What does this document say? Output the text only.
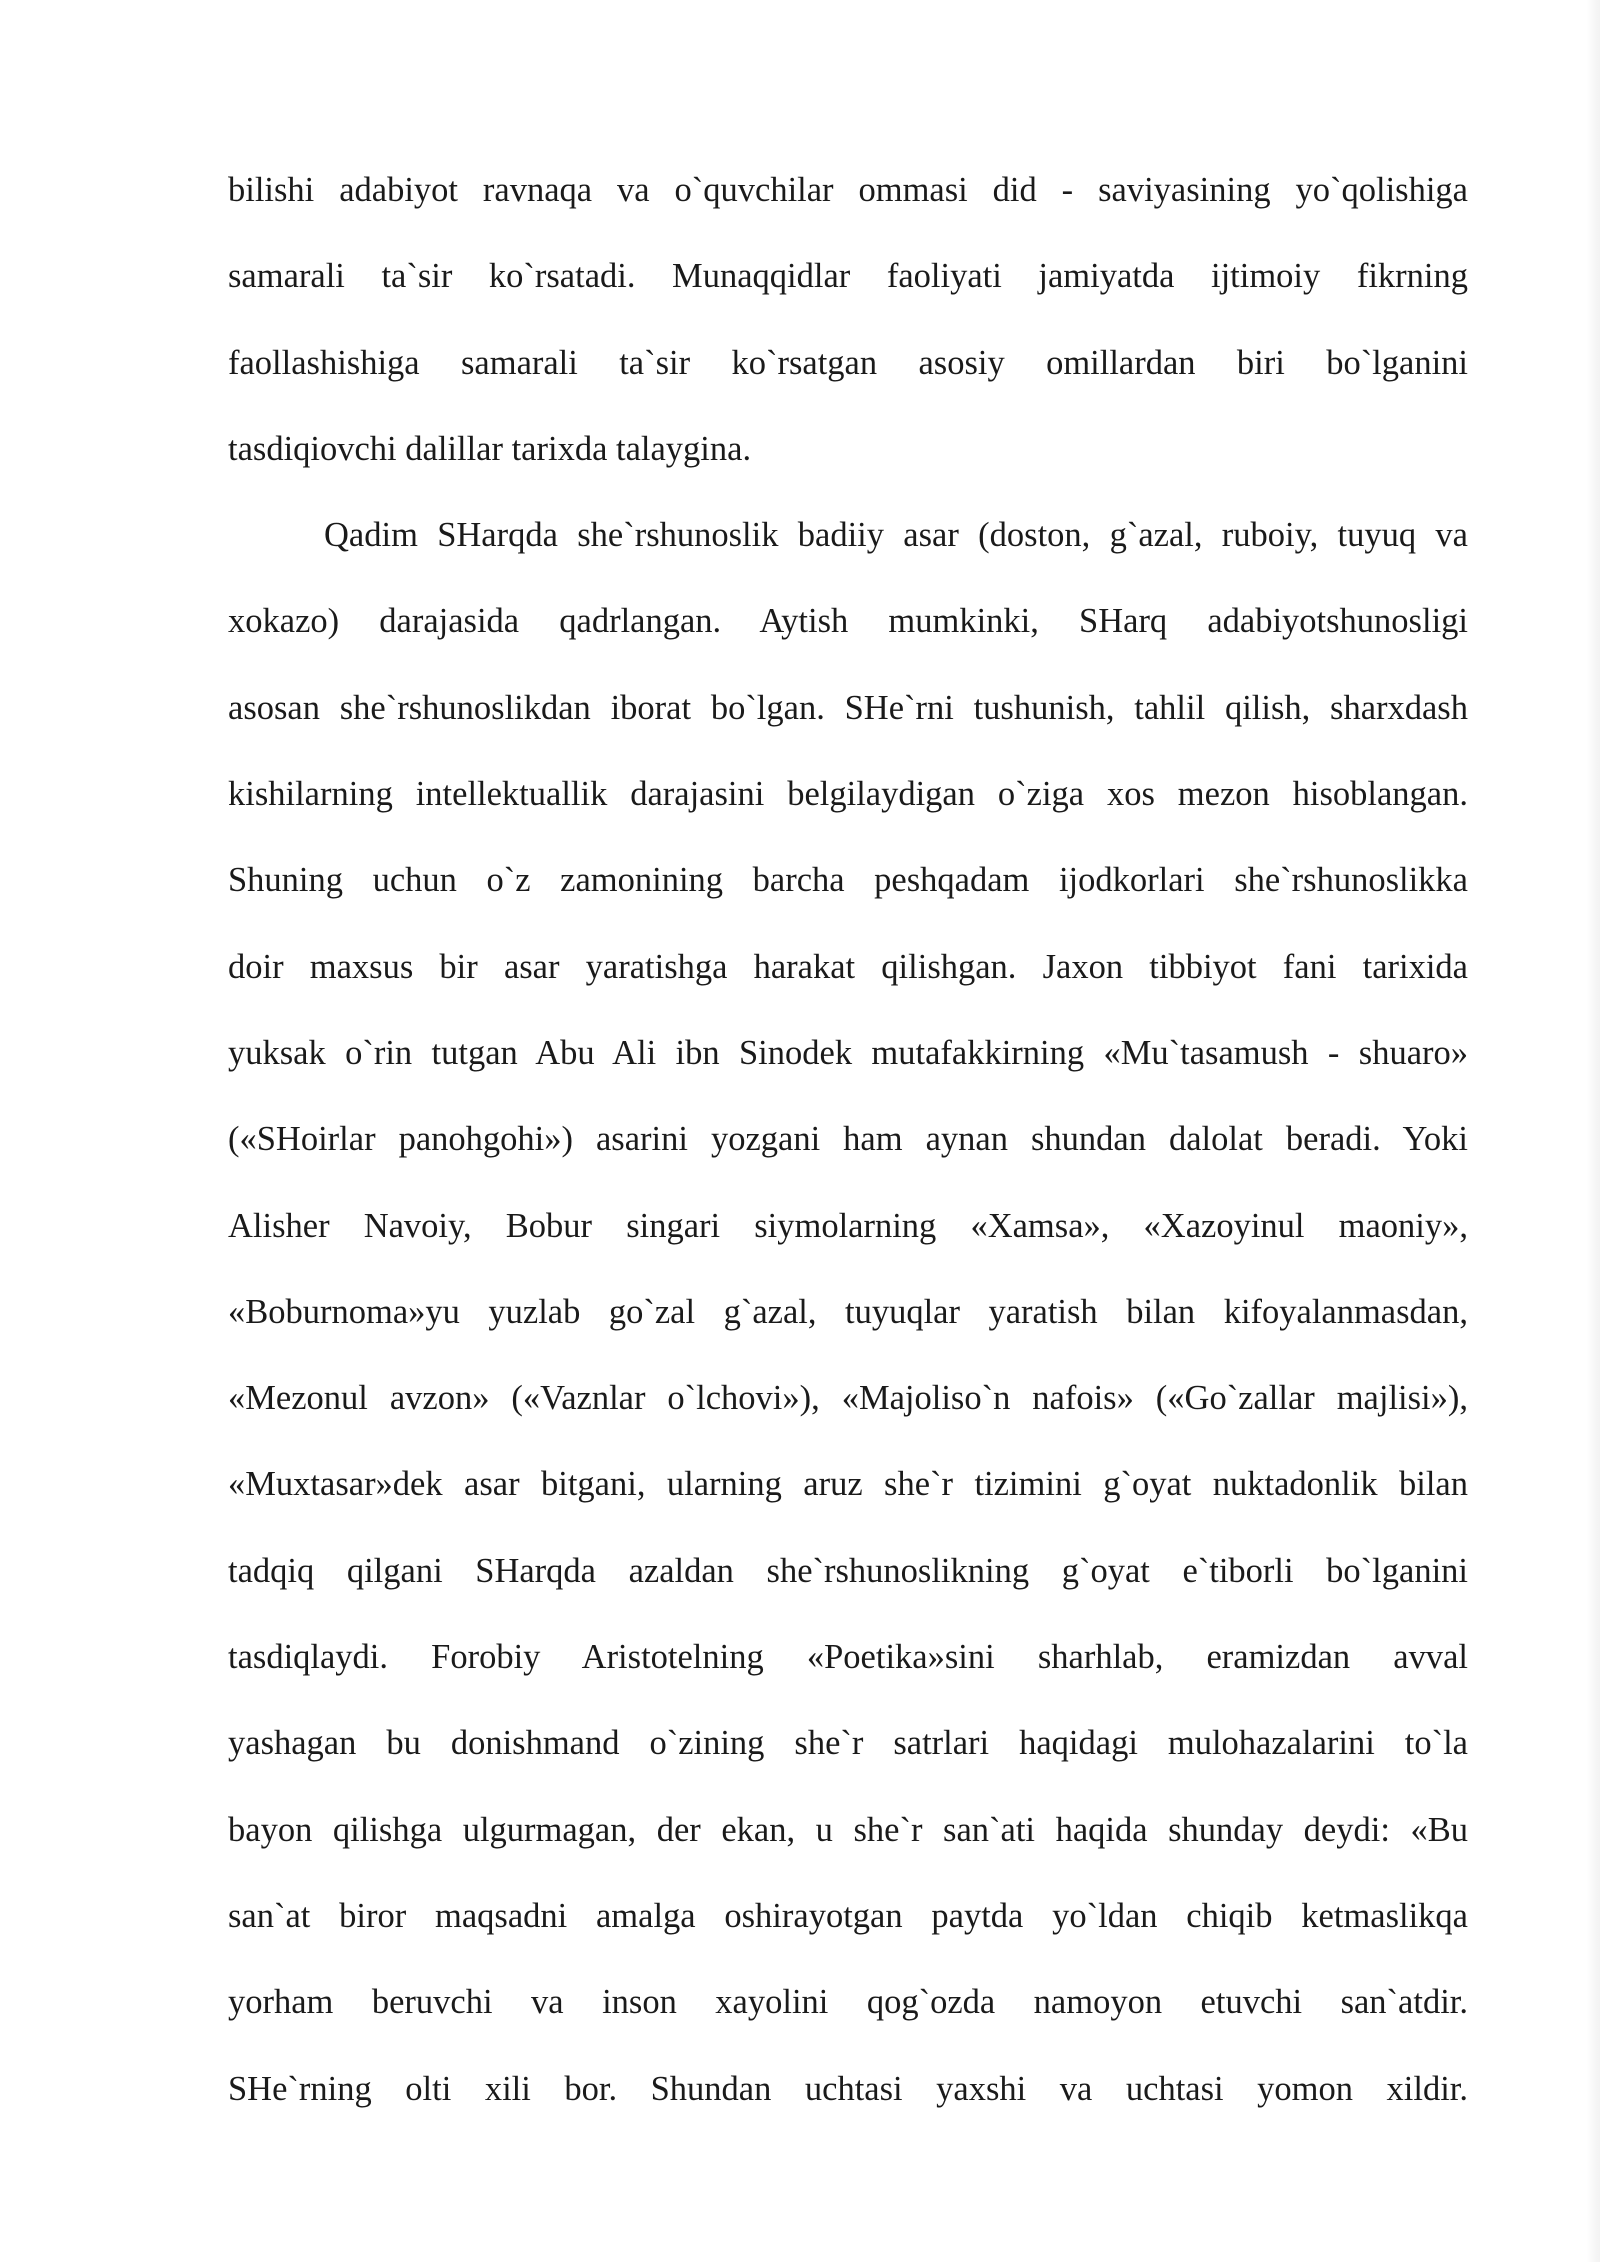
bilishi adabiyot ravnaqa va o`quvchilar ommasi did - saviyasining yo`qolishiga
samarali ta`sir ko`rsatadi. Munaqqidlar faoliyati jamiyatda ijtimoiy fikrning
faollashishiga samarali ta`sir ko`rsatgan asosiy omillardan biri bo`lganini
tasdiqiovchi dalillar tarixda talaygina.
Qadim SHarqda she`rshunoslik badiiy asar (doston, g`azal, ruboiy, tuyuq va
xokazo) darajasida qadrlangan. Aytish mumkinki, SHarq adabiyotshunosligi
asosan she`rshunoslikdan iborat bo`lgan. SHe`rni tushunish, tahlil qilish, sharxdash
kishilarning intellektuallik darajasini belgilaydigan o`ziga xos mezon hisoblangan.
Shuning uchun o`z zamonining barcha peshqadam ijodkorlari she`rshunoslikka
doir maxsus bir asar yaratishga harakat qilishgan. Jaxon tibbiyot fani tarixida
yuksak o`rin tutgan Abu Ali ibn Sinodek mutafakkirning «Mu`tasamush - shuaro»
(«SHoirlar panohgohi») asarini yozgani ham aynan shundan dalolat beradi. Yoki
Alisher Navoiy, Bobur singari siymolarning «Xamsa», «Xazoyinul maoniy»,
«Boburnoma»yu yuzlab go`zal g`azal, tuyuqlar yaratish bilan kifoyalanmasdan,
«Mezonul avzon» («Vaznlar o`lchovi»), «Majoliso`n nafois» («Go`zallar majlisi»),
«Muxtasar»dek asar bitgani, ularning aruz she`r tizimini g`oyat nuktadonlik bilan
tadqiq qilgani SHarqda azaldan she`rshunoslikning g`oyat e`tiborli bo`lganini
tasdiqlaydi. Forobiy Aristotelning «Poetika»sini sharhlab, eramizdan avval
yashagan bu donishmand o`zining she`r satrlari haqidagi mulohazalarini to`la
bayon qilishga ulgurmagan, der ekan, u she`r san`ati haqida shunday deydi: «Bu
san`at biror maqsadni amalga oshirayotgan paytda yo`ldan chiqib ketmaslikqa
yorham beruvchi va inson xayolini qog`ozda namoyon etuvchi san`atdir.
SHe`rning olti xili bor. Shundan uchtasi yaxshi va uchtasi yomon xildir.
